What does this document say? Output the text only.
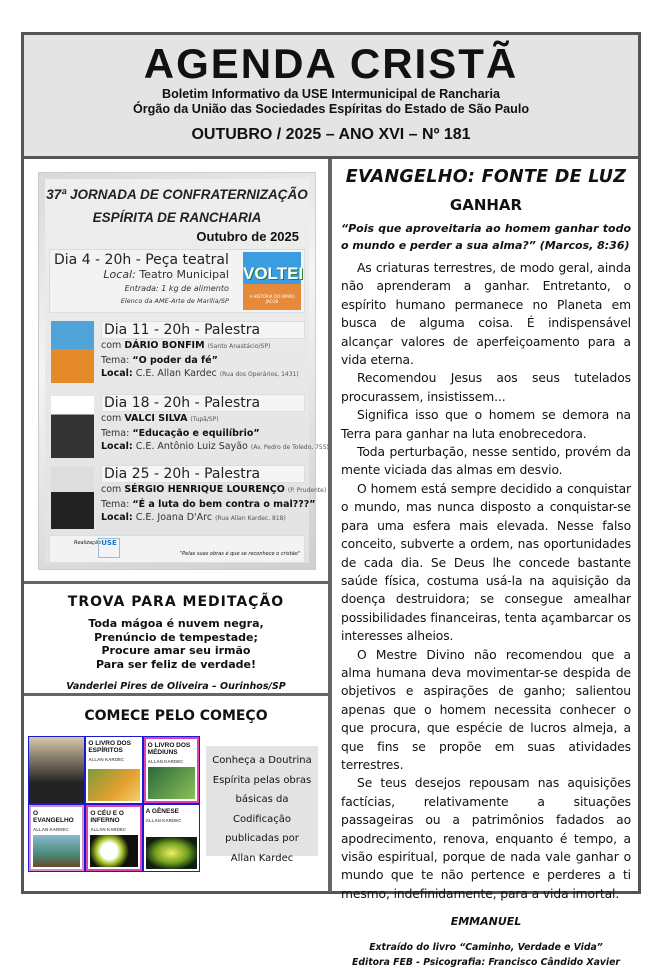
AGENDA CRISTÃ
Boletim Informativo da USE Intermunicipal de Rancharia
Órgão da União das Sociedades Espíritas do Estado de São Paulo
OUTUBRO / 2025 – ANO XVI – Nº 181
37ª JORNADA DE CONFRATERNIZAÇÃO
ESPÍRITA DE RANCHARIA
Outubro de 2025
Dia 4 - 20h - Peça teatral
Local: Teatro Municipal
Entrada: 1 kg de alimento
Elenco da AME-Arte de Marília/SP
VOLTEI
A HISTÓRIA DO IRMÃO JACOB
Dia 11 - 20h - Palestra
com DÁRIO BONFIM (Santo Anastácio/SP)
Tema: “O poder da fé”
Local: C.E. Allan Kardec (Rua dos Operários, 1431)
Dia 18 - 20h - Palestra
com VALCI SILVA (Tupã/SP)
Tema: “Educação e equilíbrio”
Local: C.E. Antônio Luiz Sayão (Av. Pedro de Toledo, 755)
Dia 25 - 20h - Palestra
com SÉRGIO HENRIQUE LOURENÇO (P. Prudente)
Tema: “É a luta do bem contra o mal???”
Local: C.E. Joana D'Arc (Rua Allan Kardec, 818)
Realização USE
"Pelas suas obras é que se reconhece o cristão"
TROVA PARA MEDITAÇÃO
Toda mágoa é nuvem negra,
Prenúncio de tempestade;
Procure amar seu irmão
Para ser feliz de verdade!
Vanderlei Pires de Oliveira – Ourinhos/SP
COMECE PELO COMEÇO
O LIVRO DOS ESPÍRITOS
ALLAN KARDEC
O LIVRO DOS MÉDIUNS
ALLAN KARDEC
O EVANGELHO
ALLAN KARDEC
O CÉU E O INFERNO
ALLAN KARDEC
A GÊNESE
ALLAN KARDEC
Conheça a Doutrina
Espírita pelas obras
básicas da Codificação
publicadas por
Allan Kardec
EVANGELHO: FONTE DE LUZ
GANHAR
“Pois que aproveitaria ao homem ganhar todo o mundo e perder a sua alma?” (Marcos, 8:36)

As criaturas terrestres, de modo geral, ainda não aprenderam a ganhar. Entretanto, o espírito humano permanece no Planeta em busca de alguma coisa. É indispensável alcançar valores de aperfeiçoamento para a vida eterna.

Recomendou Jesus aos seus tutelados procurassem, insistissem...

Significa isso que o homem se demora na Terra para ganhar na luta enobrecedora.

Toda perturbação, nesse sentido, provém da mente viciada das almas em desvio.

O homem está sempre decidido a conquistar o mundo, mas nunca disposto a conquistar-se para uma esfera mais elevada. Nesse falso conceito, subverte a ordem, nas oportunidades de cada dia. Se Deus lhe concede bastante saúde física, costuma usá-la na aquisição da doença destruidora; se consegue amealhar possibilidades financeiras, tenta açambarcar os interesses alheios.

O Mestre Divino não recomendou que a alma humana deva movimentar-se despida de objetivos e aspirações de ganho; salientou apenas que o homem necessita conhecer o que procura, que espécie de lucros almeja, a que fins se propõe em suas atividades terrestres.

Se teus desejos repousam nas aquisições factícias, relativamente a situações passageiras ou a patrimônios fadados ao apodrecimento, renova, enquanto é tempo, a visão espiritual, porque de nada vale ganhar o mundo que te não pertence e perderes a ti mesmo, indefinidamente, para a vida imortal.

EMMANUEL
Extraído do livro “Caminho, Verdade e Vida”
Editora FEB - Psicografia: Francisco Cândido Xavier
